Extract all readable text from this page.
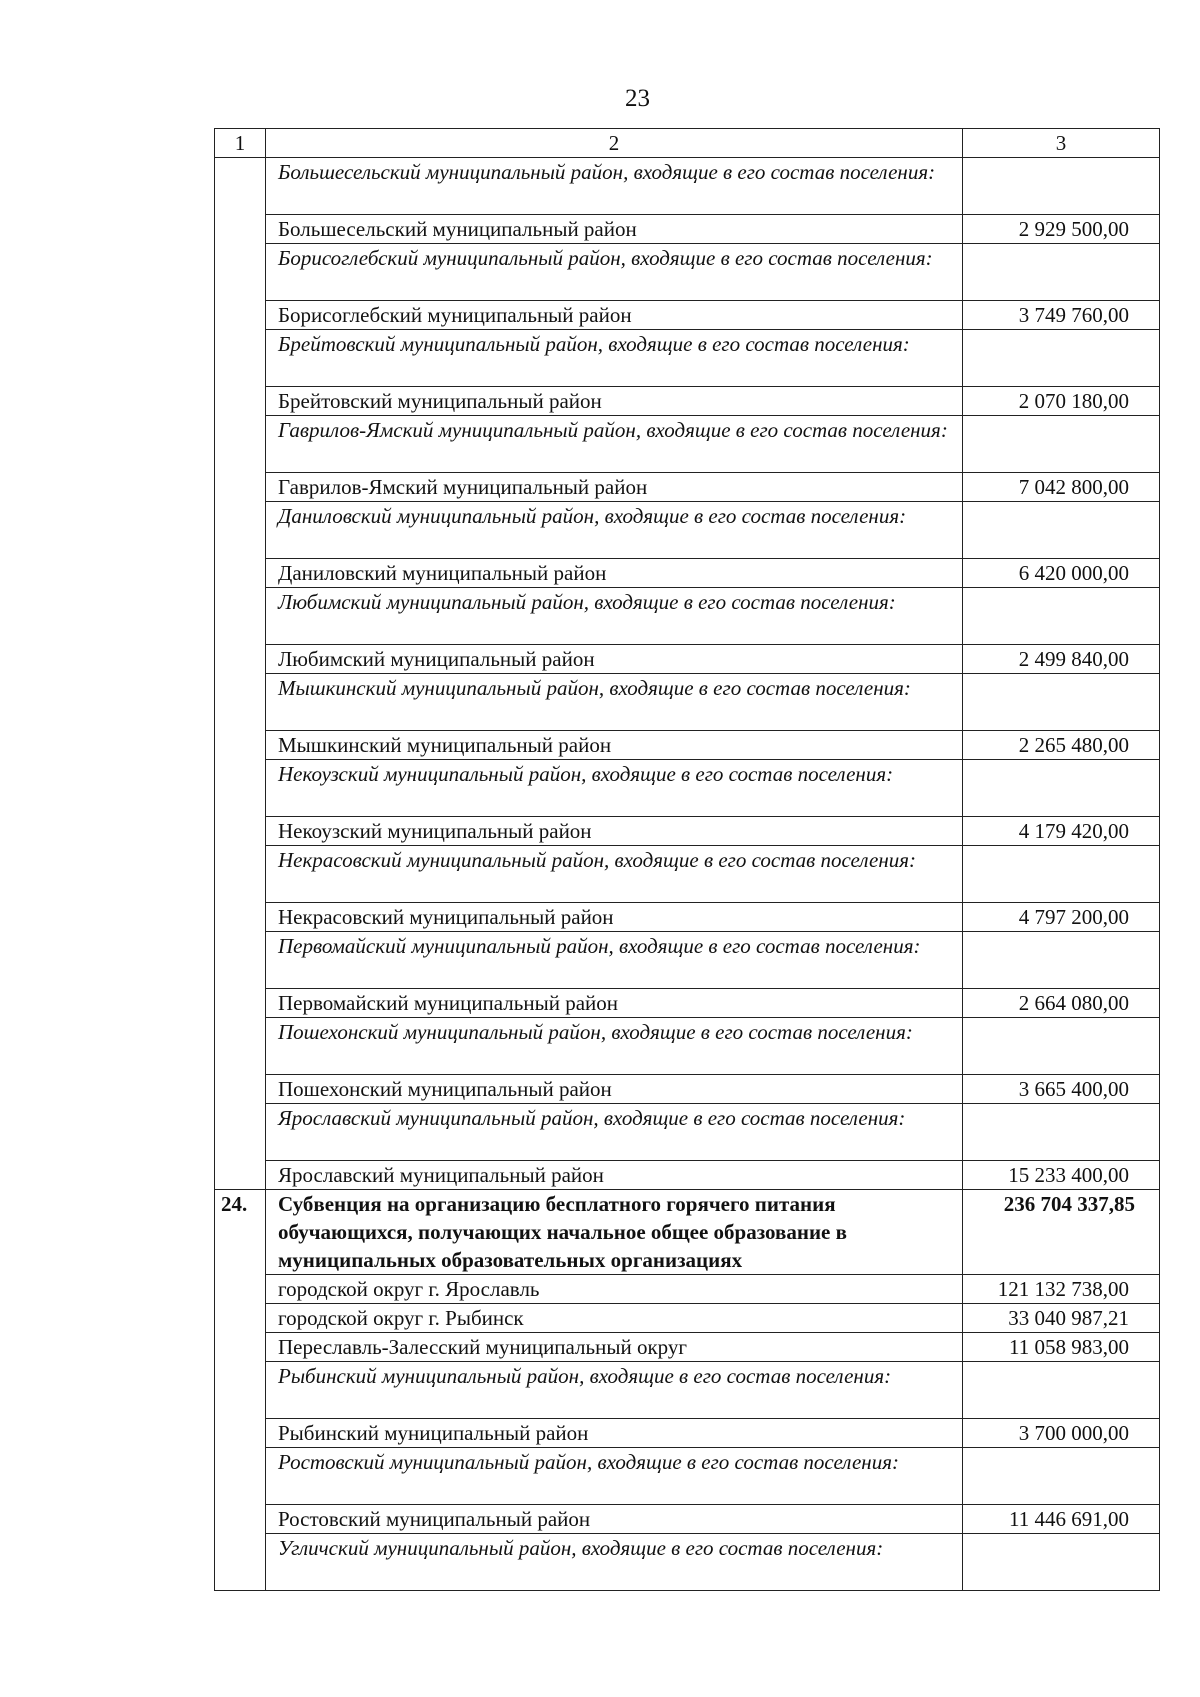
23
1	2	3
	Большесельский муниципальный район, входящие в его состав поселения:	
	Большесельский муниципальный район	2 929 500,00
	Борисоглебский муниципальный район, входящие в его состав поселения:	
	Борисоглебский муниципальный район	3 749 760,00
	Брейтовский муниципальный район, входящие в его состав поселения:	
	Брейтовский муниципальный район	2 070 180,00
	Гаврилов-Ямский муниципальный район, входящие в его состав поселения:	
	Гаврилов-Ямский муниципальный район	7 042 800,00
	Даниловский муниципальный район, входящие в его состав поселения:	
	Даниловский муниципальный район	6 420 000,00
	Любимский муниципальный район, входящие в его состав поселения:	
	Любимский муниципальный район	2 499 840,00
	Мышкинский муниципальный район, входящие в его состав поселения:	
	Мышкинский муниципальный район	2 265 480,00
	Некоузский муниципальный район, входящие в его состав поселения:	
	Некоузский муниципальный район	4 179 420,00
	Некрасовский муниципальный район, входящие в его состав поселения:	
	Некрасовский муниципальный район	4 797 200,00
	Первомайский муниципальный район, входящие в его состав поселения:	
	Первомайский муниципальный район	2 664 080,00
	Пошехонский муниципальный район, входящие в его состав поселения:	
	Пошехонский муниципальный район	3 665 400,00
	Ярославский муниципальный район, входящие в его состав поселения:	
	Ярославский муниципальный район	15 233 400,00
24.	Субвенция на организацию бесплатного горячего питания обучающихся, получающих начальное общее образование в муниципальных образовательных организациях	236 704 337,85
	городской округ г. Ярославль	121 132 738,00
	городской округ г. Рыбинск	33 040 987,21
	Переславль-Залесский муниципальный округ	11 058 983,00
	Рыбинский муниципальный район, входящие в его состав поселения:	
	Рыбинский муниципальный район	3 700 000,00
	Ростовский муниципальный район, входящие в его состав поселения:	
	Ростовский муниципальный район	11 446 691,00
	Угличский муниципальный район, входящие в его состав поселения:	
